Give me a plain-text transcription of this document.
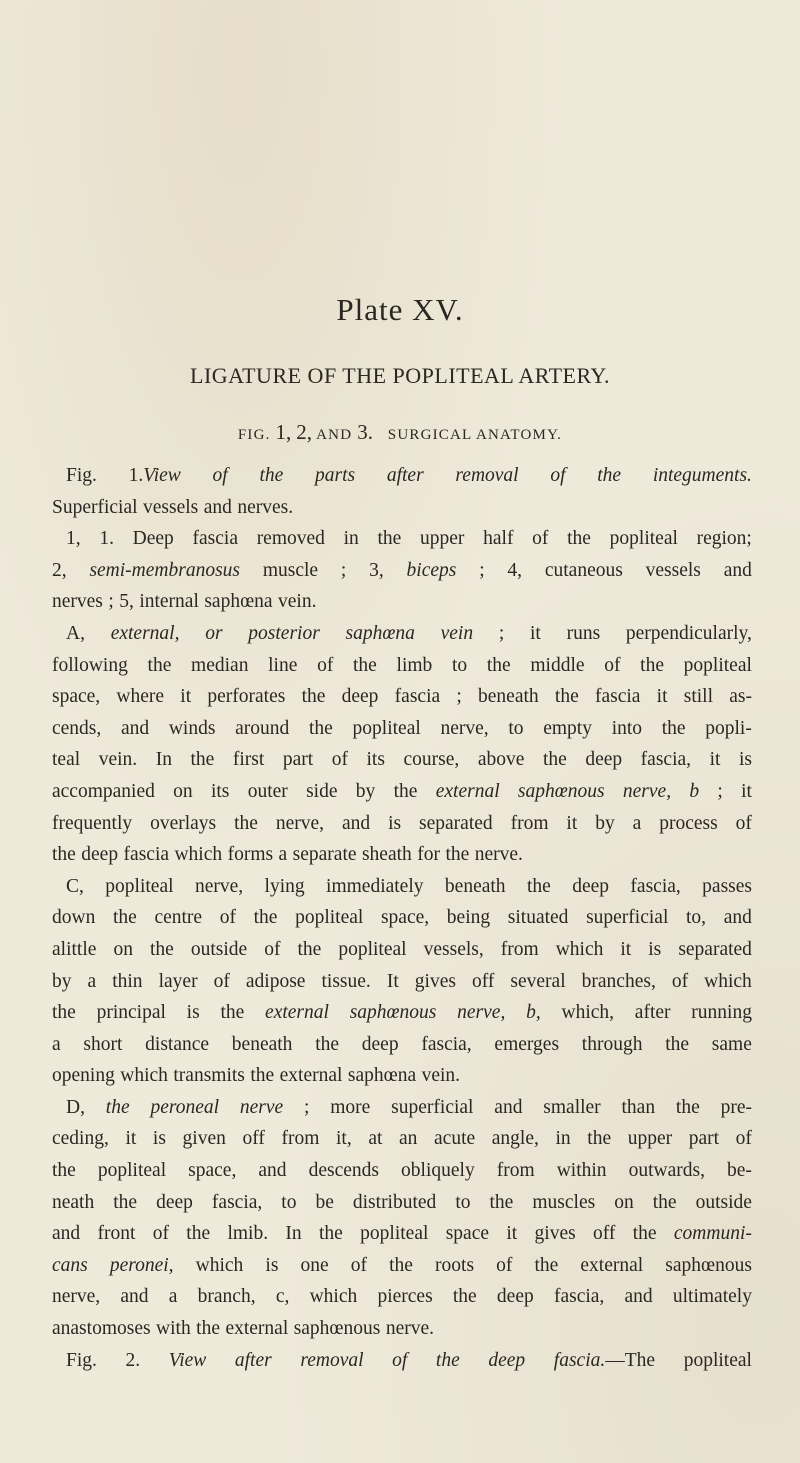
Plate XV.
LIGATURE OF THE POPLITEAL ARTERY.
FIG. 1, 2, AND 3. SURGICAL ANATOMY.
Fig. 1.View of the parts after removal of the integuments.
Superficial vessels and nerves.
1, 1. Deep fascia removed in the upper half of the popliteal region;
2, semi-membranosus muscle ; 3, biceps ; 4, cutaneous vessels and
nerves ; 5, internal saphœna vein.
A, external, or posterior saphœna vein ; it runs perpendicularly,
following the median line of the limb to the middle of the popliteal
space, where it perforates the deep fascia ; beneath the fascia it still as-
cends, and winds around the popliteal nerve, to empty into the popli-
teal vein. In the first part of its course, above the deep fascia, it is
accompanied on its outer side by the external saphœnous nerve, b ; it
frequently overlays the nerve, and is separated from it by a process of
the deep fascia which forms a separate sheath for the nerve.
C, popliteal nerve, lying immediately beneath the deep fascia, passes
down the centre of the popliteal space, being situated superficial to, and
alittle on the outside of the popliteal vessels, from which it is separated
by a thin layer of adipose tissue. It gives off several branches, of which
the principal is the external saphœnous nerve, b, which, after running
a short distance beneath the deep fascia, emerges through the same
opening which transmits the external saphœna vein.
D, the peroneal nerve ; more superficial and smaller than the pre-
ceding, it is given off from it, at an acute angle, in the upper part of
the popliteal space, and descends obliquely from within outwards, be-
neath the deep fascia, to be distributed to the muscles on the outside
and front of the lmib. In the popliteal space it gives off the communi-
cans peronei, which is one of the roots of the external saphœnous
nerve, and a branch, c, which pierces the deep fascia, and ultimately
anastomoses with the external saphœnous nerve.
Fig. 2. View after removal of the deep fascia.—The popliteal
